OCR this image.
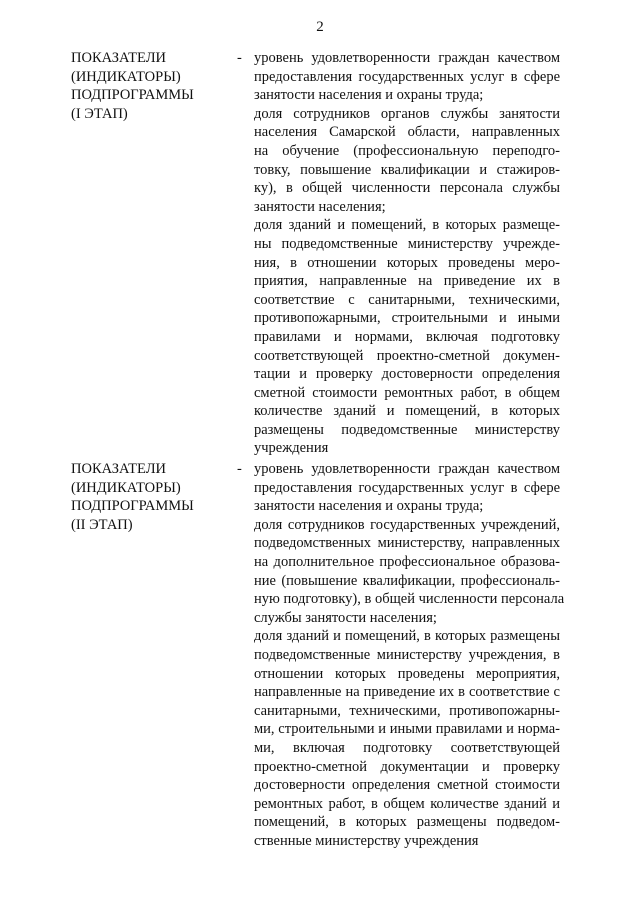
2
ПОКАЗАТЕЛИ
(ИНДИКАТОРЫ)
ПОДПРОГРАММЫ
(I ЭТАП)
- уровень удовлетворенности граждан качеством
предоставления государственных услуг в сфере
занятости населения и охраны труда;
доля сотрудников органов службы занятости
населения Самарской области, направленных
на обучение (профессиональную переподго-
товку, повышение квалификации и стажиров-
ку), в общей численности персонала службы
занятости населения;
доля зданий и помещений, в которых размеще-
ны подведомственные министерству учрежде-
ния, в отношении которых проведены меро-
приятия, направленные на приведение их в
соответствие с санитарными, техническими,
противопожарными, строительными и иными
правилами и нормами, включая подготовку
соответствующей проектно-сметной докумен-
тации и проверку достоверности определения
сметной стоимости ремонтных работ, в общем
количестве зданий и помещений, в которых
размещены подведомственные министерству
учреждения
ПОКАЗАТЕЛИ
(ИНДИКАТОРЫ)
ПОДПРОГРАММЫ
(II ЭТАП)
- уровень удовлетворенности граждан качеством
предоставления государственных услуг в сфере
занятости населения и охраны труда;
доля сотрудников государственных учреждений,
подведомственных министерству, направленных
на дополнительное профессиональное образова-
ние (повышение квалификации, профессиональ-
ную подготовку), в общей численности персонала
службы занятости населения;
доля зданий и помещений, в которых размещены
подведомственные министерству учреждения, в
отношении которых проведены мероприятия,
направленные на приведение их в соответствие с
санитарными, техническими, противопожарны-
ми, строительными и иными правилами и норма-
ми, включая подготовку соответствующей
проектно-сметной документации и проверку
достоверности определения сметной стоимости
ремонтных работ, в общем количестве зданий и
помещений, в которых размещены подведом-
ственные министерству учреждения
